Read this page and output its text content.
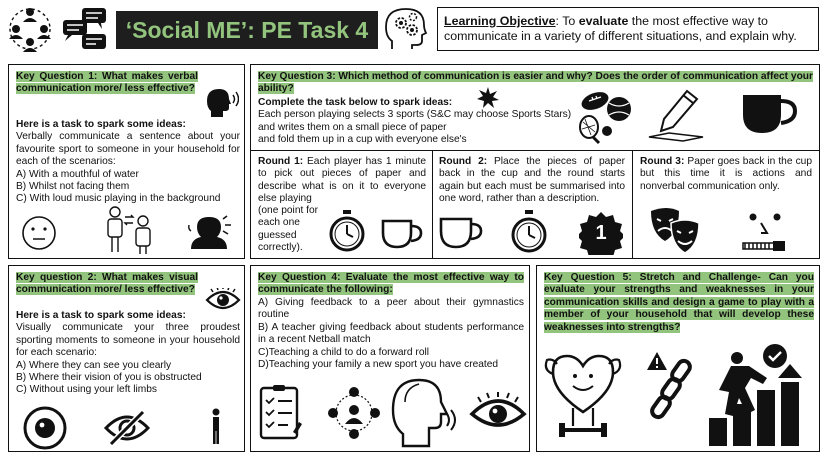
‘Social ME’: PE Task 4	Learning Objective: To evaluate the most effective way to communicate in a variety of different situations, and explain why.
Key Question 1: What makes verbal communication more/ less effective?
Here is a task to spark some ideas:
Verbally communicate a sentence about your favourite sport to someone in your household for each of the scenarios:
A) With a mouthful of water
B) Whilst not facing them
C) With loud music playing in the background
Key Question 3: Which method of communication is easier and why? Does the order of communication affect your ability?
Complete the task below to spark ideas:
Each person playing selects 3 sports (S&C may choose Sports Stars)
and writes them on a small piece of paper
and fold them up in a cup with everyone else's
Round 1: Each player has 1 minute to pick out pieces of paper and describe what is on it to everyone else playing
(one point for each one guessed correctly).
Round 2: Place the pieces of paper back in the cup and the round starts again but each must be summarised into one word, rather than a description.
1
Round 3: Paper goes back in the cup but this time it is actions and nonverbal communication only.
Key question 2: What makes visual communication more/ less effective?
Here is a task to spark some ideas:
Visually communicate your three proudest sporting moments to someone in your household for each scenario:
A) Where they can see you clearly
B) Where their vision of you is obstructed
C) Without using your left limbs
Key Question 4: Evaluate the most effective way to communicate the following:
A) Giving feedback to a peer about their gymnastics routine
B) A teacher giving feedback about students performance in a recent Netball match
C)Teaching a child to do a forward roll
D)Teaching your family a new sport you have created
Key Question 5: Stretch and Challenge- Can you evaluate your strengths and weaknesses in your communication skills and design a game to play with a member of your household that will develop these weaknesses into strengths?
